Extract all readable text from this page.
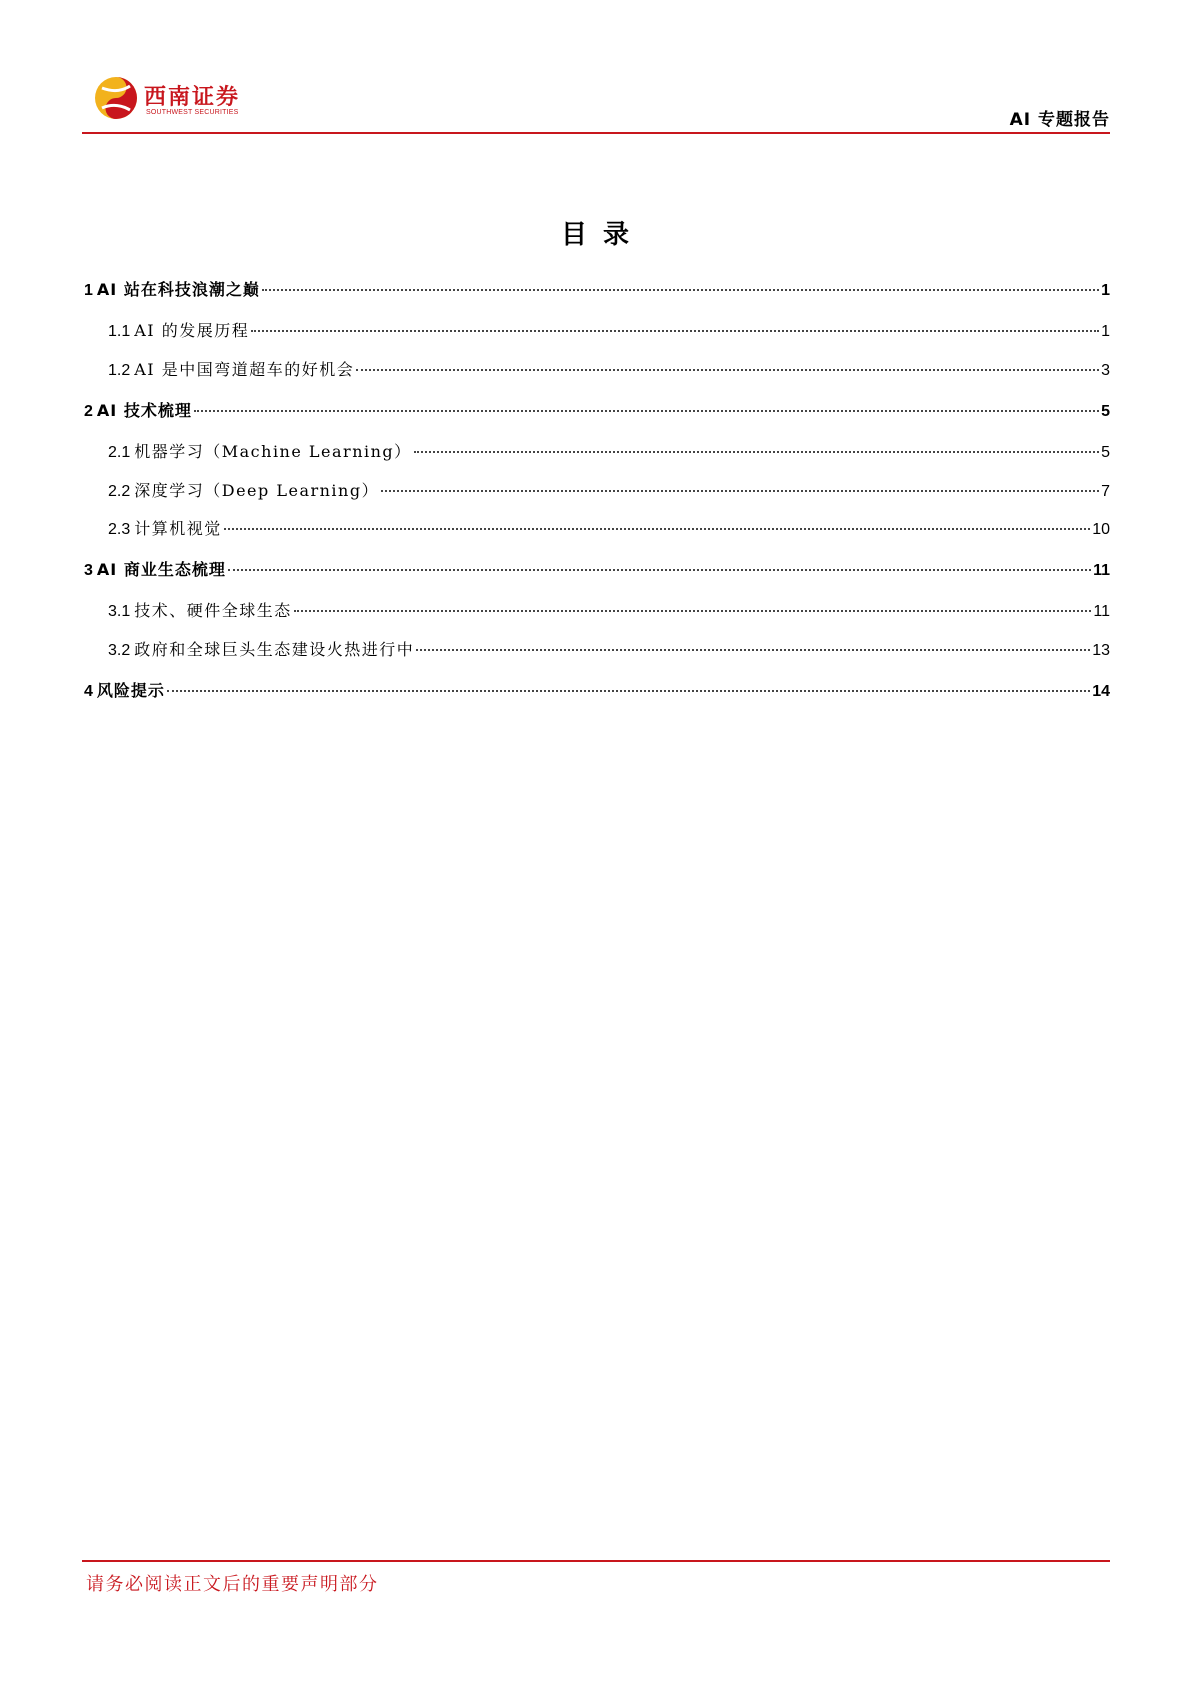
西南证券
SOUTHWEST SECURITIES	AI 专题报告
目录
1 AI 站在科技浪潮之巅	1
1.1 AI 的发展历程	1
1.2 AI 是中国弯道超车的好机会	3
2 AI 技术梳理	5
2.1 机器学习（Machine Learning）	5
2.2 深度学习（Deep Learning）	7
2.3 计算机视觉	10
3 AI 商业生态梳理	11
3.1 技术、硬件全球生态	11
3.2 政府和全球巨头生态建设火热进行中	13
4 风险提示	14
请务必阅读正文后的重要声明部分
